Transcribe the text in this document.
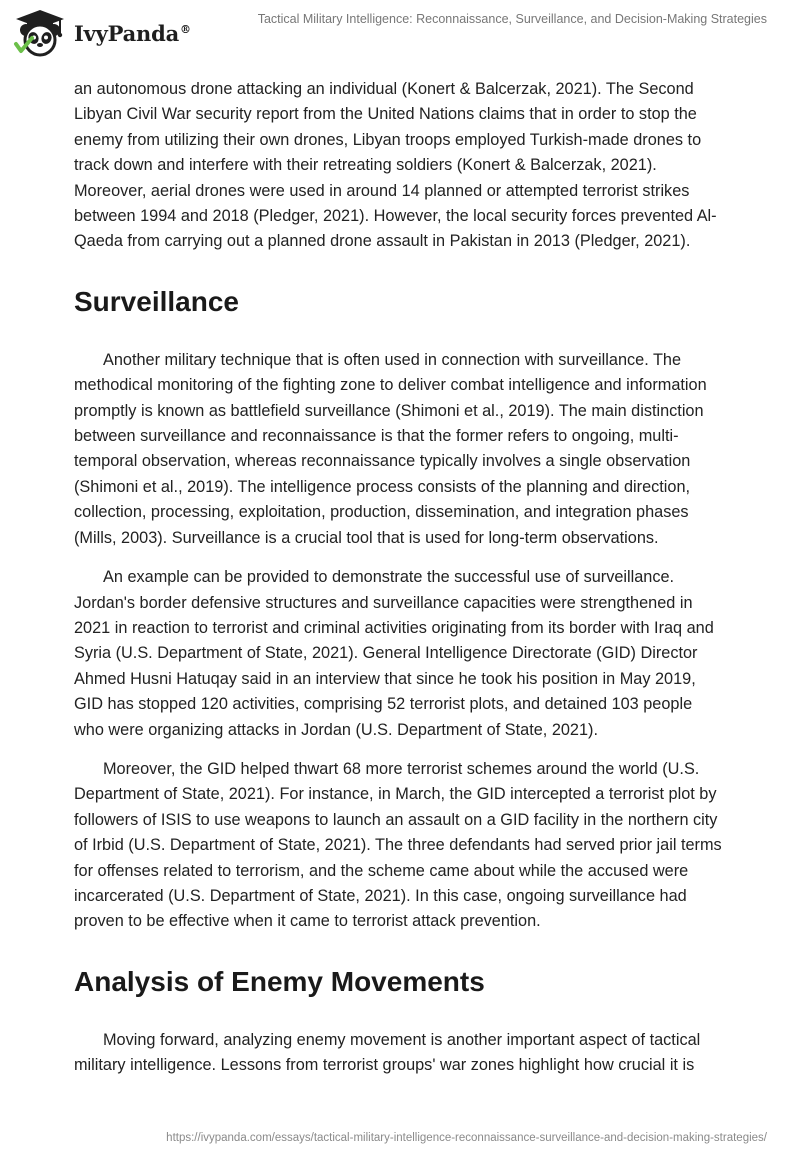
IvyPanda®
Tactical Military Intelligence: Reconnaissance, Surveillance, and Decision-Making Strategies

an autonomous drone attacking an individual (Konert & Balcerzak, 2021). The Second Libyan Civil War security report from the United Nations claims that in order to stop the enemy from utilizing their own drones, Libyan troops employed Turkish-made drones to track down and interfere with their retreating soldiers (Konert & Balcerzak, 2021). Moreover, aerial drones were used in around 14 planned or attempted terrorist strikes between 1994 and 2018 (Pledger, 2021). However, the local security forces prevented Al-Qaeda from carrying out a planned drone assault in Pakistan in 2013 (Pledger, 2021).

Surveillance

Another military technique that is often used in connection with surveillance. The methodical monitoring of the fighting zone to deliver combat intelligence and information promptly is known as battlefield surveillance (Shimoni et al., 2019). The main distinction between surveillance and reconnaissance is that the former refers to ongoing, multi-temporal observation, whereas reconnaissance typically involves a single observation (Shimoni et al., 2019). The intelligence process consists of the planning and direction, collection, processing, exploitation, production, dissemination, and integration phases (Mills, 2003). Surveillance is a crucial tool that is used for long-term observations.

An example can be provided to demonstrate the successful use of surveillance. Jordan's border defensive structures and surveillance capacities were strengthened in 2021 in reaction to terrorist and criminal activities originating from its border with Iraq and Syria (U.S. Department of State, 2021). General Intelligence Directorate (GID) Director Ahmed Husni Hatuqay said in an interview that since he took his position in May 2019, GID has stopped 120 activities, comprising 52 terrorist plots, and detained 103 people who were organizing attacks in Jordan (U.S. Department of State, 2021).

Moreover, the GID helped thwart 68 more terrorist schemes around the world (U.S. Department of State, 2021). For instance, in March, the GID intercepted a terrorist plot by followers of ISIS to use weapons to launch an assault on a GID facility in the northern city of Irbid (U.S. Department of State, 2021). The three defendants had served prior jail terms for offenses related to terrorism, and the scheme came about while the accused were incarcerated (U.S. Department of State, 2021). In this case, ongoing surveillance had proven to be effective when it came to terrorist attack prevention.

Analysis of Enemy Movements

Moving forward, analyzing enemy movement is another important aspect of tactical military intelligence. Lessons from terrorist groups' war zones highlight how crucial it is

https://ivypanda.com/essays/tactical-military-intelligence-reconnaissance-surveillance-and-decision-making-strategies/
